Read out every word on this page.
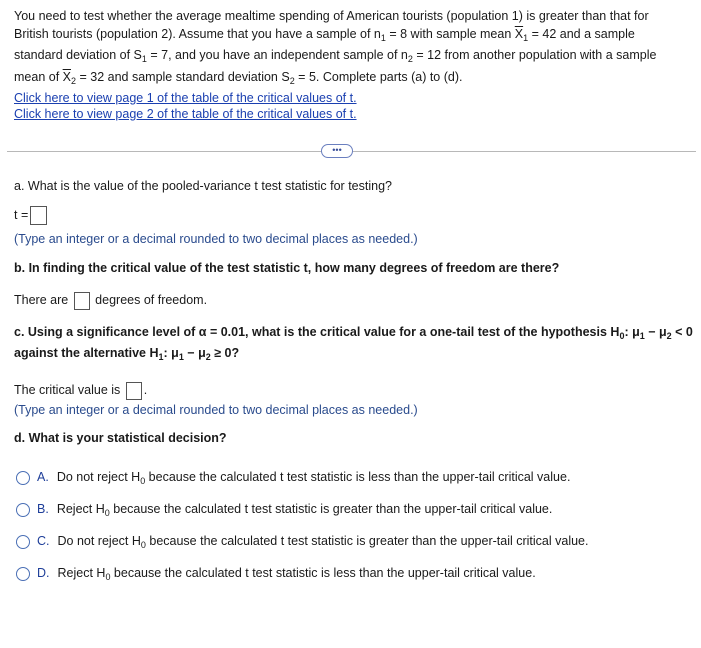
You need to test whether the average mealtime spending of American tourists (population 1) is greater than that for
British tourists (population 2). Assume that you have a sample of $n_1 = 8$ with sample mean $\overline{X}_1 = 42$ and a sample
standard deviation of $S_1 = 7$, and you have an independent sample of $n_2 = 12$ from another population with a sample
mean of $\overline{X}_2 = 32$ and sample standard deviation $S_2 = 5$. Complete parts (a) to (d).
Click here to view page 1 of the table of the critical values of t.
Click here to view page 2 of the table of the critical values of t.
•••
a. What is the value of the pooled-variance t test statistic for testing?
t =
(Type an integer or a decimal rounded to two decimal places as needed.)
b. In finding the critical value of the test statistic t, how many degrees of freedom are there?
There are degrees of freedom.
c. Using a significance level of α = 0.01, what is the critical value for a one-tail test of the hypothesis $H_0$: $\mu_1 - \mu_2 < 0$
against the alternative $H_1$: $\mu_1 - \mu_2 \ge 0$?
The critical value is .
(Type an integer or a decimal rounded to two decimal places as needed.)
d. What is your statistical decision?
A. Do not reject $H_0$ because the calculated t test statistic is less than the upper-tail critical value.
B. Reject $H_0$ because the calculated t test statistic is greater than the upper-tail critical value.
C. Do not reject $H_0$ because the calculated t test statistic is greater than the upper-tail critical value.
D. Reject $H_0$ because the calculated t test statistic is less than the upper-tail critical value.
